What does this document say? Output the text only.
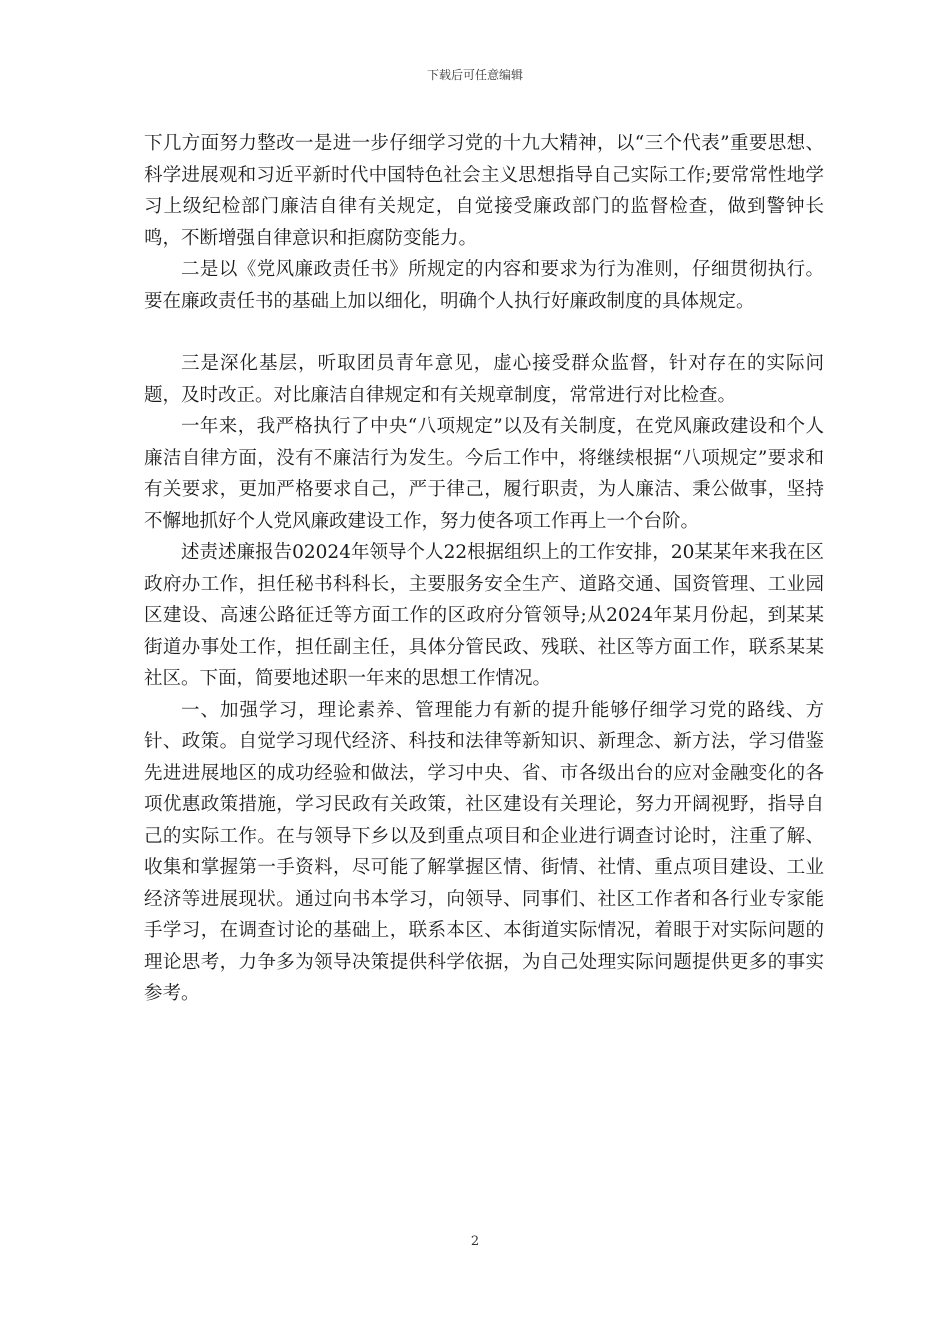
下载后可任意编辑

下几方面努力整改一是进一步仔细学习党的十九大精神，以“三个代表”重要思想、科学进展观和习近平新时代中国特色社会主义思想指导自己实际工作;要常常性地学习上级纪检部门廉洁自律有关规定，自觉接受廉政部门的监督检查，做到警钟长鸣，不断增强自律意识和拒腐防变能力。

二是以《党风廉政责任书》所规定的内容和要求为行为准则，仔细贯彻执行。要在廉政责任书的基础上加以细化，明确个人执行好廉政制度的具体规定。

三是深化基层，听取团员青年意见，虚心接受群众监督，针对存在的实际问题，及时改正。对比廉洁自律规定和有关规章制度，常常进行对比检查。

一年来，我严格执行了中央“八项规定”以及有关制度，在党风廉政建设和个人廉洁自律方面，没有不廉洁行为发生。今后工作中，将继续根据“八项规定”要求和有关要求，更加严格要求自己，严于律己，履行职责，为人廉洁、秉公做事，坚持不懈地抓好个人党风廉政建设工作，努力使各项工作再上一个台阶。

述责述廉报告02024年领导个人22根据组织上的工作安排，20某某年来我在区政府办工作，担任秘书科科长，主要服务安全生产、道路交通、国资管理、工业园区建设、高速公路征迁等方面工作的区政府分管领导;从2024年某月份起，到某某街道办事处工作，担任副主任，具体分管民政、残联、社区等方面工作，联系某某社区。下面，简要地述职一年来的思想工作情况。

一、加强学习，理论素养、管理能力有新的提升能够仔细学习党的路线、方针、政策。自觉学习现代经济、科技和法律等新知识、新理念、新方法，学习借鉴先进进展地区的成功经验和做法，学习中央、省、市各级出台的应对金融变化的各项优惠政策措施，学习民政有关政策，社区建设有关理论，努力开阔视野，指导自己的实际工作。在与领导下乡以及到重点项目和企业进行调查讨论时，注重了解、收集和掌握第一手资料，尽可能了解掌握区情、街情、社情、重点项目建设、工业经济等进展现状。通过向书本学习，向领导、同事们、社区工作者和各行业专家能手学习，在调查讨论的基础上，联系本区、本街道实际情况，着眼于对实际问题的理论思考，力争多为领导决策提供科学依据，为自己处理实际问题提供更多的事实参考。

2
